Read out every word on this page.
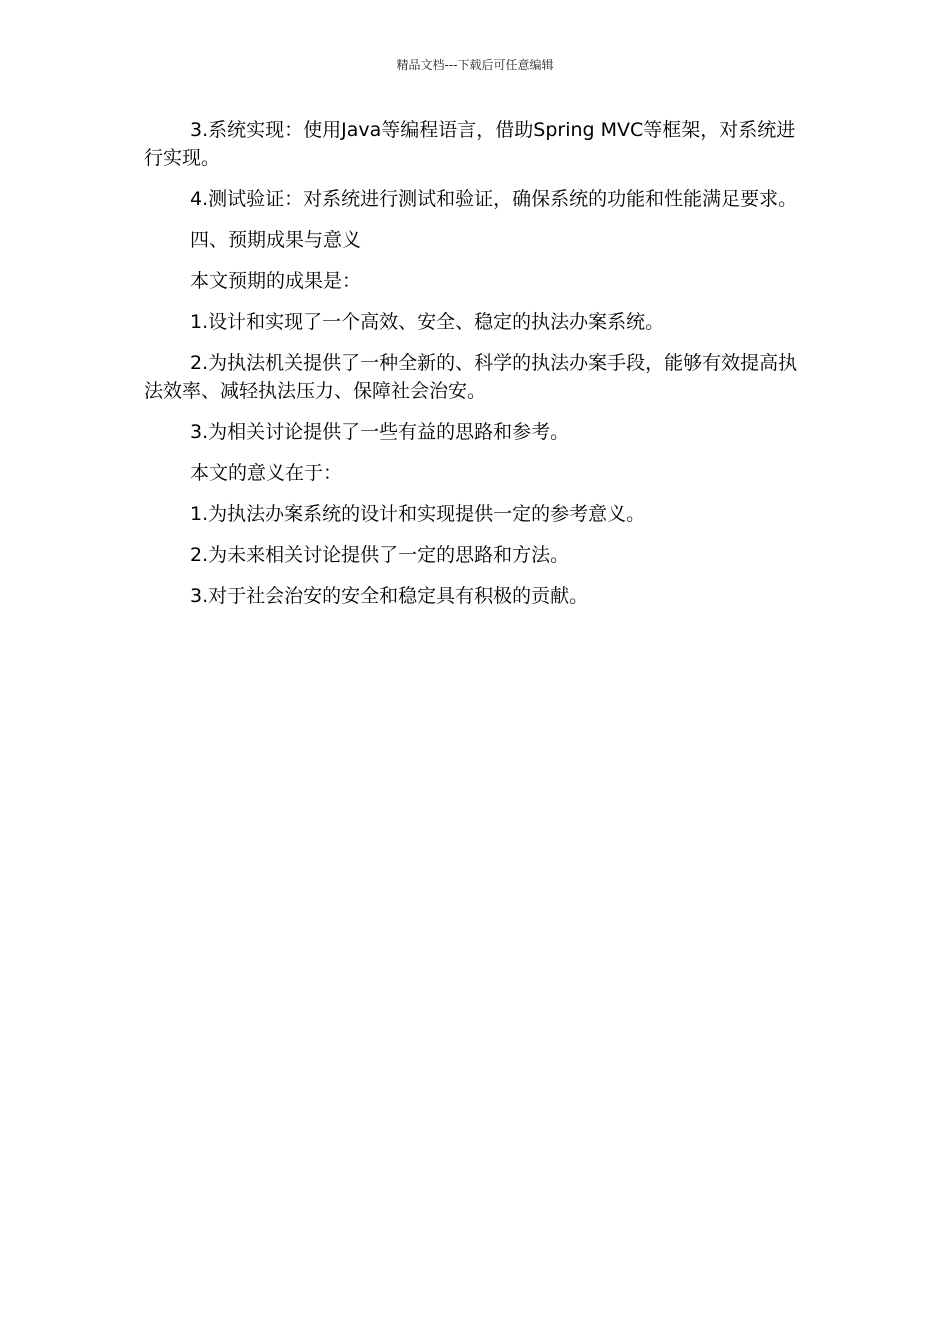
精品文档---下载后可任意编辑

3.系统实现：使用Java等编程语言，借助Spring MVC等框架，对系统进行实现。

4.测试验证：对系统进行测试和验证，确保系统的功能和性能满足要求。

四、预期成果与意义

本文预期的成果是：

1.设计和实现了一个高效、安全、稳定的执法办案系统。

2.为执法机关提供了一种全新的、科学的执法办案手段，能够有效提高执法效率、减轻执法压力、保障社会治安。

3.为相关讨论提供了一些有益的思路和参考。

本文的意义在于：

1.为执法办案系统的设计和实现提供一定的参考意义。

2.为未来相关讨论提供了一定的思路和方法。

3.对于社会治安的安全和稳定具有积极的贡献。
